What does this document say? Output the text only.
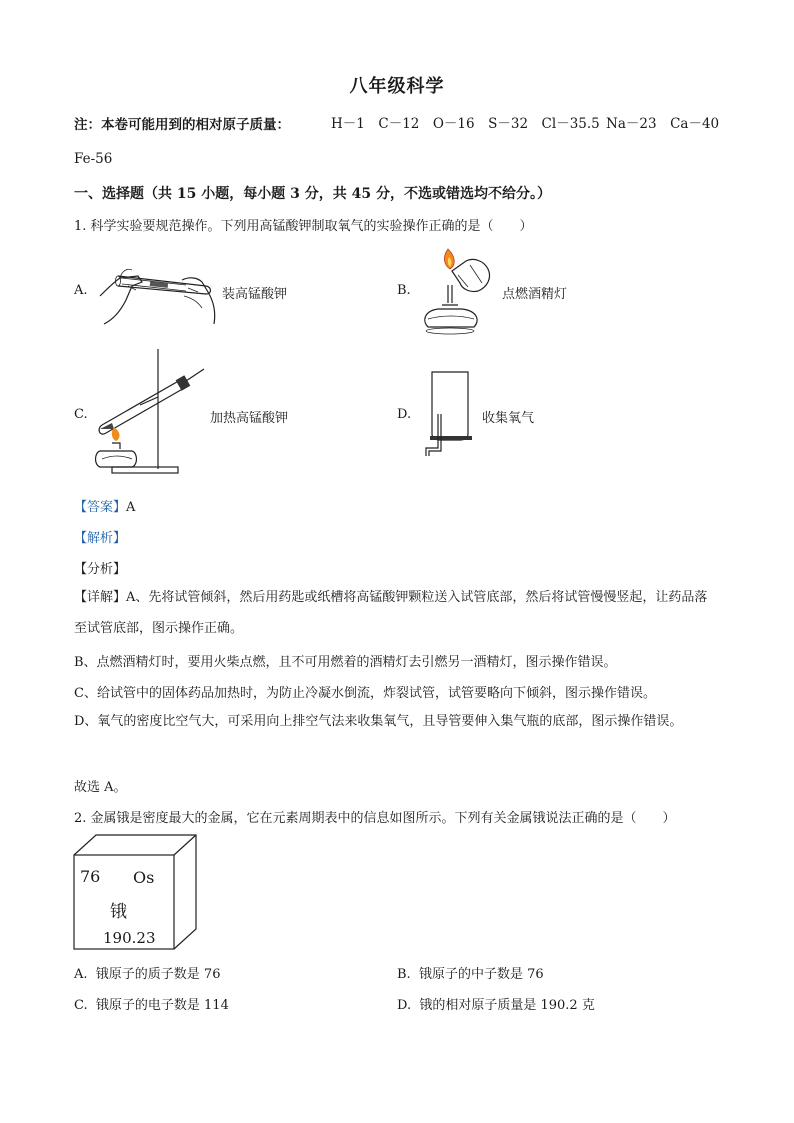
八年级科学
注：本卷可能用到的相对原子质量：	H－1　C－12　O－16　S－32　Cl－35.5 Na－23　Ca－40
Fe-56
一、选择题（共 15 小题，每小题 3 分，共 45 分，不选或错选均不给分。）
1. 科学实验要规范操作。下列用高锰酸钾制取氧气的实验操作正确的是（　　）
A.	装高锰酸钾	B.	点燃酒精灯
C.	加热高锰酸钾	D.	收集氧气
【答案】A
【解析】
【分析】
【详解】A、先将试管倾斜，然后用药匙或纸槽将高锰酸钾颗粒送入试管底部，然后将试管慢慢竖起，让药品落至试管底部，图示操作正确。
B、点燃酒精灯时，要用火柴点燃，且不可用燃着的酒精灯去引燃另一酒精灯，图示操作错误。
C、给试管中的固体药品加热时，为防止冷凝水倒流，炸裂试管，试管要略向下倾斜，图示操作错误。
D、氧气的密度比空气大，可采用向上排空气法来收集氧气，且导管要伸入集气瓶的底部，图示操作错误。
故选 A。
2. 金属锇是密度最大的金属，它在元素周期表中的信息如图所示。下列有关金属锇说法正确的是（　　）
76 Os
锇
190.23
A. 锇原子的质子数是 76	B. 锇原子的中子数是 76
C. 锇原子的电子数是 114	D. 锇的相对原子质量是 190.2 克
